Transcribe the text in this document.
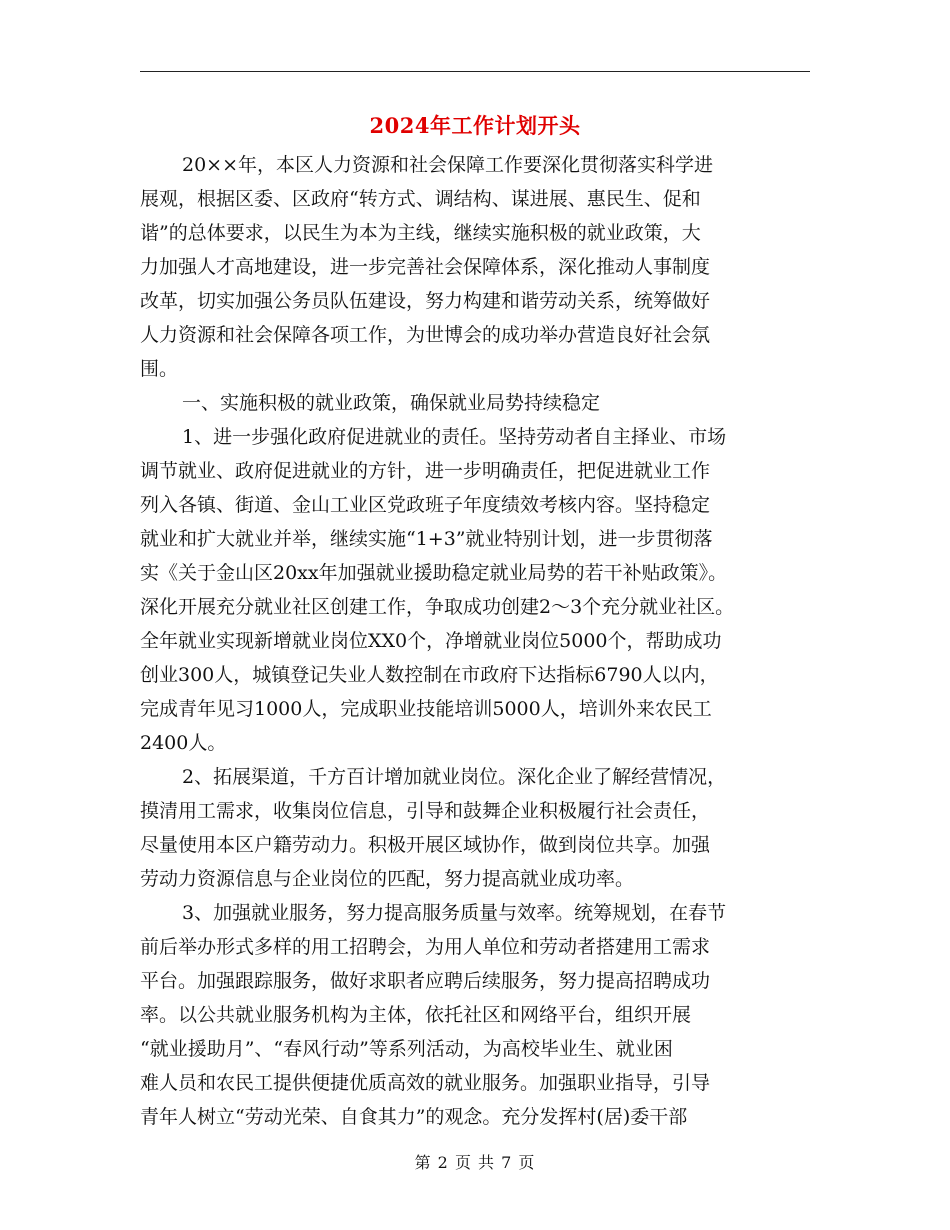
2024年工作计划开头
20××年，本区人力资源和社会保障工作要深化贯彻落实科学进
展观，根据区委、区政府“转方式、调结构、谋进展、惠民生、促和
谐”的总体要求，以民生为本为主线，继续实施积极的就业政策，大
力加强人才高地建设，进一步完善社会保障体系，深化推动人事制度
改革，切实加强公务员队伍建设，努力构建和谐劳动关系，统筹做好
人力资源和社会保障各项工作，为世博会的成功举办营造良好社会氛
围。
一、实施积极的就业政策，确保就业局势持续稳定
1、进一步强化政府促进就业的责任。坚持劳动者自主择业、市场
调节就业、政府促进就业的方针，进一步明确责任，把促进就业工作
列入各镇、街道、金山工业区党政班子年度绩效考核内容。坚持稳定
就业和扩大就业并举，继续实施“1+3”就业特别计划，进一步贯彻落
实《关于金山区20xx年加强就业援助稳定就业局势的若干补贴政策》。
深化开展充分就业社区创建工作，争取成功创建2～3个充分就业社区。
全年就业实现新增就业岗位XX0个，净增就业岗位5000个，帮助成功
创业300人，城镇登记失业人数控制在市政府下达指标6790人以内，
完成青年见习1000人，完成职业技能培训5000人，培训外来农民工
2400人。
2、拓展渠道，千方百计增加就业岗位。深化企业了解经营情况，
摸清用工需求，收集岗位信息，引导和鼓舞企业积极履行社会责任，
尽量使用本区户籍劳动力。积极开展区域协作，做到岗位共享。加强
劳动力资源信息与企业岗位的匹配，努力提高就业成功率。
3、加强就业服务，努力提高服务质量与效率。统筹规划，在春节
前后举办形式多样的用工招聘会，为用人单位和劳动者搭建用工需求
平台。加强跟踪服务，做好求职者应聘后续服务，努力提高招聘成功
率。以公共就业服务机构为主体，依托社区和网络平台，组织开展
“就业援助月”、“春风行动”等系列活动，为高校毕业生、就业困
难人员和农民工提供便捷优质高效的就业服务。加强职业指导，引导
青年人树立“劳动光荣、自食其力”的观念。充分发挥村(居)委干部
第 2 页 共 7 页
